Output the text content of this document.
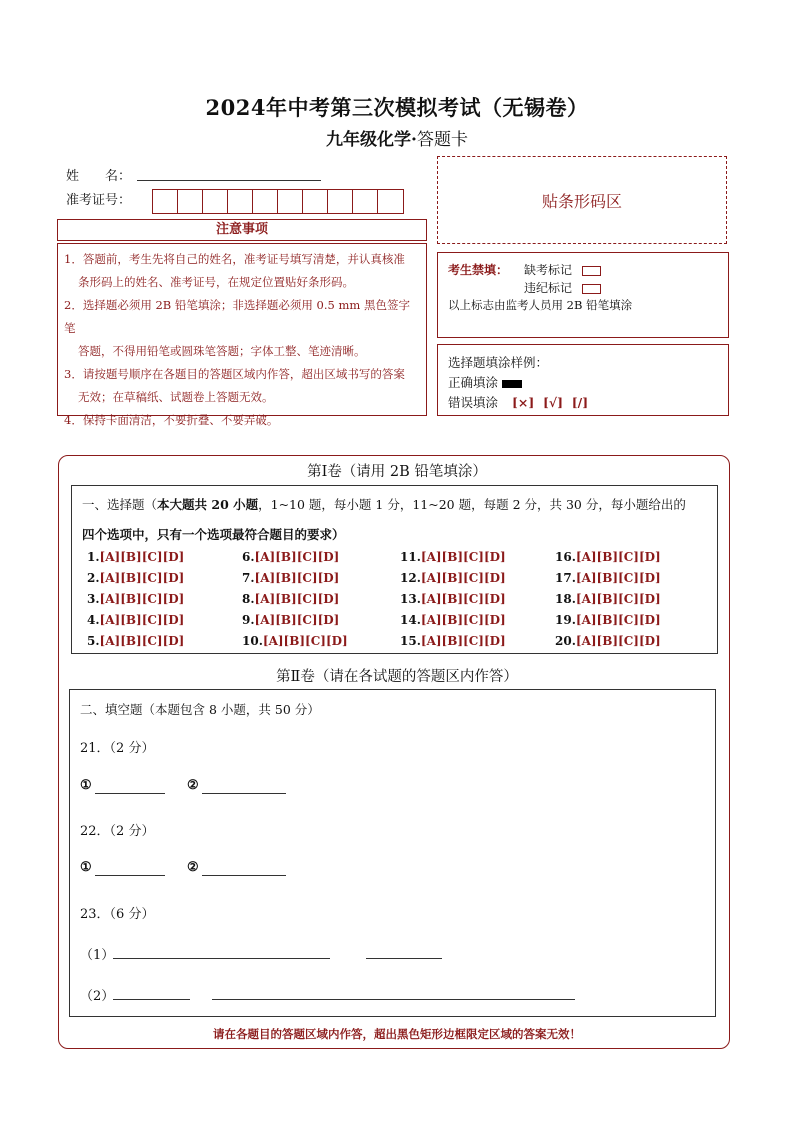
2024年中考第三次模拟考试（无锡卷）
九年级化学·答题卡
姓　　名：
准考证号：	贴条形码区
注意事项
1．答题前，考生先将自己的姓名，准考证号填写清楚，并认真核准
条形码上的姓名、准考证号，在规定位置贴好条形码。
2．选择题必须用 2B 铅笔填涂；非选择题必须用 0.5 mm 黑色签字笔
答题，不得用铅笔或圆珠笔答题；字体工整、笔迹清晰。
3．请按题号顺序在各题目的答题区域内作答，超出区域书写的答案
无效；在草稿纸、试题卷上答题无效。
4．保持卡面清洁，不要折叠、不要弄破。
考生禁填： 缺考标记
违纪标记
以上标志由监考人员用 2B 铅笔填涂
选择题填涂样例：
正确填涂
错误填涂 [×]  [√]  [/]
第Ⅰ卷（请用 2B 铅笔填涂）
一、选择题（本大题共 20 小题，1~10 题，每小题 1 分，11~20 题，每题 2 分，共 30 分，每小题给出的
四个选项中，只有一个选项最符合题目的要求）
1.[A][B][C][D]
2.[A][B][C][D]
3.[A][B][C][D]
4.[A][B][C][D]
5.[A][B][C][D]
6.[A][B][C][D]
7.[A][B][C][D]
8.[A][B][C][D]
9.[A][B][C][D]
10.[A][B][C][D]
11.[A][B][C][D]
12.[A][B][C][D]
13.[A][B][C][D]
14.[A][B][C][D]
15.[A][B][C][D]
16.[A][B][C][D]
17.[A][B][C][D]
18.[A][B][C][D]
19.[A][B][C][D]
20.[A][B][C][D]
第Ⅱ卷（请在各试题的答题区内作答）
二、填空题（本题包含 8 小题，共 50 分）
21．（2 分）
①	②
22．（2 分）
①	②
23．（6 分）
（1）
（2）
请在各题目的答题区域内作答，超出黑色矩形边框限定区域的答案无效！
